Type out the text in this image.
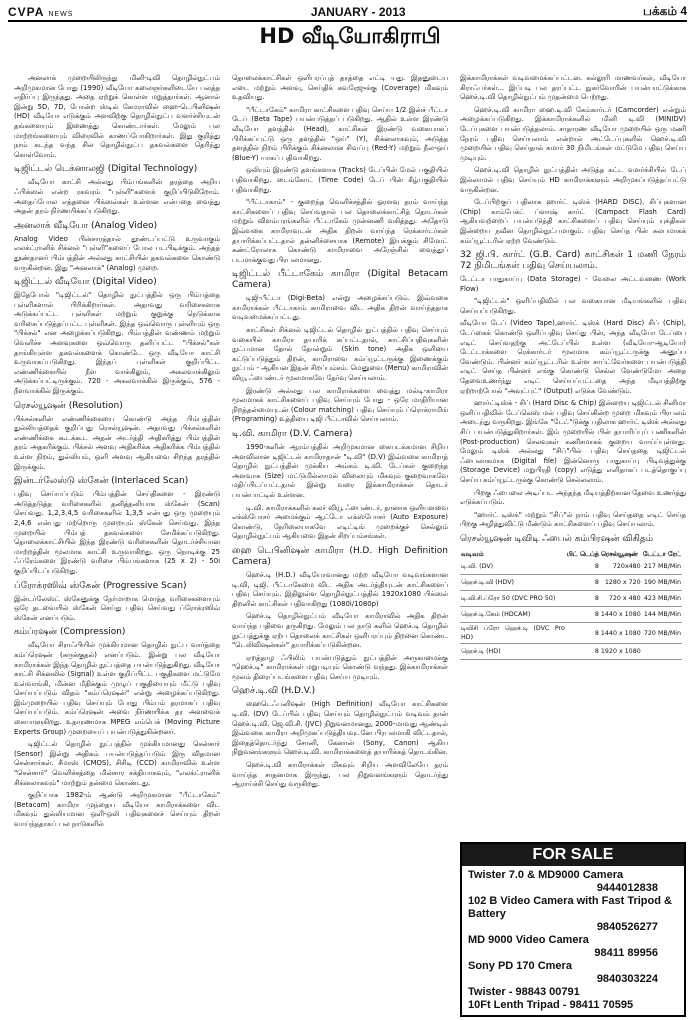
CVPA NEWS	JANUARY - 2013	பக்கம் 4
HD வீடியோகிராபி

அனலாக் முறையிலிருந்து மினி-டிவி தொழில்நுட்பம் அறிமுகமான போது (1990) வீடியோ கலைஞர்களிடையே பலத்த எதிர்ப்பு இருந்தது. அதை ஏற்றுக் கொள்ள மறுத்தார்கள். ஆனால் இன்று 5D, 7D, போன்ற ஸ்டில் கேமராவில் ஹை-டெபினிஷன் (HD) வீடியோ எடுக்கும் அளவிற்கு தொழில்நுட்ப வளர்ச்சியுடன் தங்களையும் இணைத்து கொண்டார்கள். மேலும் பல மாற்றங்களையும் விரைவில் காணப்போகிறார்கள். இது குறித்து நாம் கடந்த வந்த சில தொழில்நுட்ப தகவல்களை தெரிந்து கொள்வோம்.

டிஜிட்டல் டெக்னாலஜி (Digital Technology)

வீடியோ காட்சி அல்லது பிம்பங்களின் தரத்தை அறிய ஃபிக்ஸல் என்ற ரகவரம் "புள்ளி"களைக் குறிப்பிடுகிறோம். அதைப்போல எத்தனை பிக்ஸல்கள் உள்ளன என்பதை வைத்து அதன் தரம் நிர்ணயிக்கப்படுகிறது.

அனலாக் வீடியோ (Analog Video)

Analog Video பின்சாரத்தால் தூண்டப்பட்டு உருவாகும் எலக்ட்ரானிக் சிக்னல் "புள்ளி"களைப் போல படபிடிக்கும். அந்தத் தூண்தானர் பிம்பத்தின் அல்லது காட்சியின் தகவல்களை கொண்டு வருகின்றன. இது "அனலாக்" (Analog) முறை.

டிஜிட்டல் வீடியோ (Digital Video)

இதேபோல் "டிஜிட்டல்" தொழில் நுட்பத்தில் ஒரு பிம்பத்தை புள்ளிகளால் பிரிக்கிறார்கள். அதாவது வரிசைகளாக அடுக்கப்பட்ட புள்ளிகள் மற்றும் குறுக்கு நெடுக்காக வரிசைப்படுத்தப்பட்ட புள்ளிகள். இந்த ஒவ்வொரு புள்ளியும் ஒரு "பிக்சல்" என அழைக்கப்படுகிறது. பிம்பத்தின் வண்ணம் மற்றும் வெளிச்ச அளவுகளை ஒவ்வொரு தனிப்பட்ட "பிக்சல்"கள் தாங்கியுள்ள தகவல்களைக் கொண்டே ஒரு வீடியோ காட்சி உருவாகப்படுகிறது. இந்தப் புள்ளிகள் குறிப்பிட்ட எண்ணிக்கையில் நீள வாக்கிலும், அகலவாக்கிலும் அடுக்கப்பட்டிருக்கும். 720 - அகலவாக்கில் இருக்கும், 576 - நீளவாக்கில் இருக்கும்.

ரெசல்யூஷன் (Resolution)

பிக்சல்களின் எண்ணிக்கையை கொண்டு அந்த பிம்பத்தின் துல்லியத்தைக் குறிப்பது ரெசல்யூஷன். அதாவது பிக்சல்களின் எண்ணிக்கை கூடக்கூட அதன் அடர்த்தி அதிகரித்து பிம்பத்தின் தரம் அதகரிக்கும். பிக்சல் அளவு அதிகரிக்க அதிகரிக்க பிம்பத்தில் உள்ள நிறம், துல்லியம், ஒளி அளவு ஆகியவை சிறந்த தரத்தில் இருக்கும்.

இன்டர்லேஸ்டு ஸ்கேன் (Interlaced Scan)

பதிவு செய்யப்படும் பிம்பத்தின் செய்திகளை - இரண்டு அடுத்தடுத்த வரிசைகளில் தனித்தனியாக ஸ்கேன் (Scan) செய்வது. 1,2,3,4,5 வரிசைகளில் 1,3,5 என்பது ஒரு முறையும் 2,4,6 என்பது மற்றொரு முறையும் ஸ்கேன் செய்வது. இந்த முறையில் பிம்பத் தகவல்களை சேமிக்கப்படுகிறது. தொலைக்காட்சியில் இந்த இரண்டு வரிசைகளின் தொடர்ச்சியான மாற்றத்தின் மூலமாக காட்சி உருவாகிறது. ஒரு நொடிக்கு 25 ஃப்ரேம்களை இரண்டு வரிசை பிம்பங்களாக (25 x 2) - 50i குறிப்பிடப்படுகிறது.

ப்ரோக்ரஸிவ் ஸ்கேன் (Progressive Scan)

இன்டர்லேஸ்ட் ஸ்கேனுக்கு நேர்மாறாக மொத்த வரிசைகளையும் ஒரே தடவையில் ஸ்கேன் செய்து பதிவு செய்வது ப்ரோக்ரஸிவ் ஸ்கேன் எனப்படும்.

கம்ப்ரஷன் (Compression)

வீடியோ சிராஃபியில் முக்கியமான தொழில் நுட்ப வார்த்தை கம்ப்ரெஷன் (சுருக்குதல்) எனப்படும். இன்று பல வீடியோ காமிராக்கள் இந்த தொழில் நுட்பத்தை பயன்படுத்துகிறது. வீடியோ காட்சி சிக்னலில் (Signal) உள்ள குறிப்பிட்ட பகுதிகளை மட்டுமே உள்வாங்கி, மின்ன மீதிக்கும் முழுப் பகுதியையும் மீட்டு பதிவு செய்யப்படும் விதம் "கம்ப்ரெஷன்" என்று அழைக்கப்படுகிறது. இம்முறையில் பதிவு செய்யும் போது பிம்பம் தரமாகப் பதிவு செய்யப்படும். கம்ப்ரெஷன் அவை நிர்ணயிக்க தர அளவைக் கையாளுகிறது. உதாரணமாக MPEG எம்பெக் (Moving Picture Experts Group) முறையைப் பயன்படுத்துகின்றனர்.

டிஜிட்டல் தொழில் நுட்பத்தில் முக்கியமானது சென்சார் (Sensor) இன்று அதிகம் பயன்படுத்தப்படும் இரு விதமான சென்சார்கள். சீமாஸ் (CMOS), சிசிடி (CCD) காமிராவில் உள்ள "சென்சார்" வெளிச்சத்தை மின்சார சக்தியாகவும், "எலக்ட்ரானிக் சிக்னலாகவும்" மாற்றும் தன்மை கொண்டது.

குறிப்பாக 1982-ம் ஆண்டு அறிமுகமான "பீட்டாகேம்" (Betacam) காமிரா முந்தைய வீடியோ காமிராக்களை விட மிகவும் துல்லியமான ஒளி-ஒலி பதிவுகளைச் செய்யும் திறன் வாய்ந்ததாகப் பல நாடுகளில்

தொலைக்காட்சிகள் ஒளிபரப்புத் தரத்தை எட்டி யது. இதனுடைய எடை மற்றும் அளவு, செய்திக் கவரேஜுக்கு (Coverage) மிகவும் உதவியது.

"பீட்டாகேம்" காமிரா காட்சிகளை பதிவு செய்ய 1/2 இன்ச் பீட்டா டேப் (Beta Tape) பயன்படுத்தப் படுகிறது. ஆதில் உள்ள இரண்டு வீடியோ தளத்தில் (Head), காட்சிகள் இரண்டு வகையாகப் பிரிக்கப்பட்டு ஒரு தளத்தில் "ஒய்" (Y), சிக்னலாகவும், அடுத்த தளத்தில் நிறம் பிரிக்கும் சிக்னலான சிவப்பு (Red-Y) மற்றும் நீல-ஒய் (Blue-Y) யாகப் பதிவாகிறது.

ஒலியும் இரண்டு தளங்களாக (Tracks) டேப்பின் மேல் பகுதியில் பதிவாகிறது. டைம்கோட் (Time Code) டேப் பின் கீழ்பகுதியில் பதிவாகிறது.

"பீட்டாகாம்" - குறைந்த வெளிச்சத்தில் ஓரளவு தரம் வாய்ந்த காட்சிகளைப் பதிவு செய்வதால் பல தொலைக்காட்சித் தொடர்கள் மற்றும் விளம்பரங்களில் பீட்டாகேம் முன்னணி வகித்தது. அதோடு இவ்வகை காமிராவுடன் அதிக திறன் வாய்ந்த ரெக்கார்டர்கள் தயாரிக்கப்பட்டதால் தன்னிச்சையாக (Remote) இயக்கும் சிமோட் கண்ட்ரோலாக கொண்டு காமிராவை அரேஞ்சில் வைத்துப் படமாக்குவது பிரபலமானது.

டிஜிட்டல் பீட்டாகேம் காமிரா (Digital Betacam Camera)

டிஜி-பீட்டா (Digi-Beta) என்று அழைக்கப்படும். இவ்வகை காமிராக்கள் பீட்டாகாம் காமிராவை விட அதிக திறன் வாய்ந்ததாக வடிவமைக்கப்பட்டது.

காட்சிகள் சிக்னல் டிஜிட்டல் தொழில் நுட்பத்தில் பதிவு செய்யும் வகையில் காமிரா தயாரிக் கப்பட்டதால், காட்சிப்பதிவுகளின் நுட்பமான தோல் தோன்றும் (Skin tone) அதிக ஒளியை கட்டுப்படுத்தும் திறன், காமிராவை கம்ப்யூட்டருக்கு இணைக்கும் நுட்பம் - ஆகியன இதன் சிறப்பம்சம். மெனுவை (Menu) காமிராவின் வியூ ஃபைண்டர் மூலமாகவே தேர்வு செய்யலாம்.

இரண்டு அல்லது பல காமிராக்களை வைத்து மல்டி-காமிரா மூலமாகக் காட்சிகளைப் பதிவு செய்யும் போது - ஒரே மாதிரியான நிறத்தன்மையுடன் (Colour matching) பதிவு செய்யும் ப்ரொக்ராமிங் (Programing) உத்தியை டிஜி பீட்டாவில் செய்யலாம்.

டி.வி. காமிரா (D.V. Camera)

1990-களின் ஆரம்பத்தில் அறிமுகமான கையடக்கமான சிறிய அளவிலான டிஜிட்டல் காமிராதான் "டி.வி" (D.V) இவ்வகை காமிராத் தொழில் நுட்பத்தின் முக்கிய அம்சம் டி.வி. டேப்கள் குறைந்த அளவாக (Size) மட்டுமில்லாமல் விலையும் மிகவும் குறைவாகவே மதிப்பிடப்பட்டதால் இன்று வரை இக்காமிராக்கள் தொடர் பயன்பாட்டில் உள்ளன.

டி.வி. காமிராக்களில் கலர் வியூ ஃபைண்டர், தானாக ஒளியளவை எக்ஸ்போசர் அமைக்கும் ஆட்டோ எக்ஸ்போசர் (Auto Exposure) கொண்டு, நேரிலையாகவே எடிட்டிங் முறைக்குச் செல்லும் தொழில்நுட்பம் ஆகியவை இதன் சிறப்பம்சங்கள்.

ஹை டெபினிஷன் காமிரா (H.D. High Definition Camera)

ஹெச்.டி (H.D.) வீடியோவானது மற்ற வீடியோ வடிவங்களான டி.வி, டிஜி. பீட்டாகேமை விட அதிக அடர்த்தியுடன் காட்சிகளைப் பதிவு செய்யும். இதிலுள்ள தொழில்நுட்பத்தில் 1920x1080 பிக்ஸல் திறனில் காட்சிகள் பதிவாகிறது (1080i/1080p)

ஹெச்.டி தொழில்நுட்பம் வீடியோ காமிராவில் அதிக திறன் வாய்ந்த பதிவை தருகிறது. மேலும் பல நாடு களில் ஹெச்.டி தொழில் நுட்பத்துக்கு ஏற்ப தொலைக் காட்சிகள் ஒளிபரப்பும் திறனை கொண்ட "டெலிவிஷன்கள்" தயாரிக்கப்படுகின்றன.

ஏறத்தாழ ஃபிலிம் பயன்படுத்தும் நுட்பத்தின் அருகாமைக்கு "ஹெச்.டி" காமிராக்கள் மறுபடியும் கொண்டு வந்தது. இக்காமிராக்கள் மூலம் திரைப்படங்களை பதிவு செய்ய முடியும்.

ஹெச்.டி.வி (H.D.V.)

ஹைடெஃபனிஷன் (High Definition) வீடியோ காட்சிகளை டி.வி. (DV) டேப்பில் பதிவு செய்யும் தொழில்நுட்பம் வடிவம் தான் ஹெச்.டி.வி. ஜெ.வி.சி. (JVC) நிறுவனமானது, 2000-மாவது ஆண்டில் இவ்வகை காமிரா அறிமுகப்படுத்தியவுடனே பிரபலமாகி விட்டதால், இதைத்தொடர்ந்து சோனி, கேனான் (Sony, Canon) ஆகிய நிறுவனங்களும் ஹெச்.டி.வி. காமிராக்களைத் தயாரிக்கத் தொடங்கின.

ஹெச்.டி.வி காமிராக்கள் மிகவும் சிறிய அளவிலேயே தரம் வாய்ந்த சாதனமாக இருந்து, பல நிறுவனங்களும் தொடர்ந்து ஆராய்ச்சி செய்து வருகிறது.

இக்காமிராக்கள் வடிவமைக்கப்பட்டன. கல்லூரி மாணவர்கள், வீடியோ கிராஃபர்கள்... இப்படி பல தரப்பட்ட நுகர்வோரின் பயன்பாட்டுக்காக ஹெச்.டி.வி தொழில்நுட்பம் முதன்மை பெற்றது.

ஹெச்.டி.வி காமிரா ஹை.டி.வி கேம்கார்டர் (Camcorder) என்றும் அழைக்கப்படுகிறது. இக்காமிராக்களில் மினி டி.வி (MINIDV) டேப்புகளை பயன்படுத்தலாம். சாதாரண வீடியோ முறையில் ஒரு மணி நேரம் பதிவு செய்யலாம் என்றால் அட்டேப்புகளில் ஹெச்.டி.வி முறையில் பதிவு செய்தால் சுமார் 30 நிமிடங்கள் மட்டுமே பதிவு செய்ய முடியும்.

ஹெச்.டி.வி தொழில் நுட்பத்தின் அடுத்த கட்ட வளர்ச்சியில் டேப் இல்லாமல் பதிவு செய்யும் HD காமிராக்களும் அறிமுகப்படுத்தப்பட்டு வருகின்றன.

டேப்பிற்குப் பதிலாக ஹார்ட் டிஸ்க் (HARD DISC), சிப்புகளான (Chip) காம்பேக்ட் ப்ளாஷ் கார்ட் (Campact Flash Card) ஆகியவற்றைப் பயன்படுத்தி காட்சிகளைப் பதிவு செய்யும் யுக்திகள் இன்றைய நவீன தொழில்நுட்பமாகும். பதிவு செய்த பின் சுலபமாகக் கம்ப்யூட்டரில் ஏற்ற வேண்டும்.

32 ஜி.பி. கார்ட் (G.B. Card) காட்சிகள் 1 மணி நேரம் 72 நிமிடங்கள் பதிவு செய்யலாம்.

டேட்டா பாதுகாப்பு (Data Storage) - வேலை அட்டவணை (Work Flow)

"டிஜிட்டல்" ஒளிப்பதிவில் பல வகையான மீடியங்களில் பதிவு செய்யப்படுகிறது.

வீடியோ டேப் (Video Tape),ஹார்ட் டிஸ்க் (Hard Disc) சிப் (Chip), டேப்கைக் கொண்டு ஒளிப்பதிவு செய்து பின், அந்த வீடியோ டேப்பை எடிட் செய்வதற்கு அட்டேப்பில் உள்ள (வீடியோ-ஆடியோ) டேட்டாக்களை ரெக்கார்டர் மூலமாக கம்ப்யூட்டருக்கு அனுப்ப வேண்டும். பின்னர் கம்ப்யூட்டரில் உள்ள சாப்ட்வேர்களை பயன்படுத்தி எடிட் செய்த பின்னர் எங்கு கொண்டு செல்ல வேண்டுமோ அதை தேவைஉணர்ந்து எடிட் செய்யப்பட்டதை அந்த மீடியத்திற்கு ஏற்றாற்போல் "அவுட்புட்" (Output) எடுக்க வேண்டும்.

ஹார்ட்டிஸ்க் - சிப் (Hard Disc & Chip) இன்றைய டிஜிட்டல் சினிமா ஒளிப்பதிவில் டேப்லெஸ் மல் பதிவு செய்கின்ற முறை மிகவும் பிரபலம் அடைந்து வருகிறது. இங்கே "டேட்"டுக்கு பதிலாக ஹார்ட் டிஸ்க் அல்லது சிப் பயன்படுத்துகிறார்கள். இம் முறையில் பின் தயாரிப்புப் பணிகளின் (Post-production) செலவுகள் கணிசமாகக் குறைய வாய்ப்புள்ளது. மேலும் டிஸ்க் அல்லது "சிப்"பில் பதிவு செய்ததை டிஜிட்டல் ஃபைலாகமாக (Digital file) இன்னொரு பாதுகாப்பு பிடிவத்துக்கு (Storage Device) மறுபிரதி (copy) எடுத்து எளிதாகப் படத்தொகுப்பு செய்ய கம்ப்யூட்டருக்கு கொண்டு செல்லலாம்.

பிறகு ஃபைலை அடிப்பட அந்தந்த மீடியத்திற்கான தேவை உணர்த்து எடுக்கப்படும்.

"ஹார்ட் டிஸ்க்" மற்றும் "சிப்"ல் நாம் பதிவு செய்ததை எடிட் செய்த பிறகு அழித்துவிட்டு மீண்டும் காட்சிகளைப் பதிவு செய்யலாம்.

ரெசல்யூஷன் டிவிடி ஃபைல் கம்பிரஷன் விகிதம்
வடிவம்	பிட் டெப்த்	ரெசல்யூஷன்	டேட்டா ரேட்
டி.வி. (DV)	8	720x480	217 MB/Min
ஹெச்.டி.வி (HDV)	8	1280 x 720	190 MB/Min
டி.வி.சி.ப்ரோ 50 (DVC PRO 50)	8	720 x 480	423 MB/Min
ஹெச்.டி.கேம் (HDCAM)	8	1440 x 1080	144 MB/Min
டிவிசி ப்ரோ ஹெச்.டி (DVC Pro HD)	8	1440 x 1080	720 MB/Min
ஹெச்.டி (HD)	8	1920 x 1080	
FOR SALE
Twister 7.0 & MD9000 Camera
9444012838
102 B Video Camera with Fast Tripod & Battery
9840526277
MD 9000 Video Camera
98411 89956
Sony PD 170 Cmera
9840303224
Twister - 98843 00791
10Ft Lenth Tripad - 98411 70595
